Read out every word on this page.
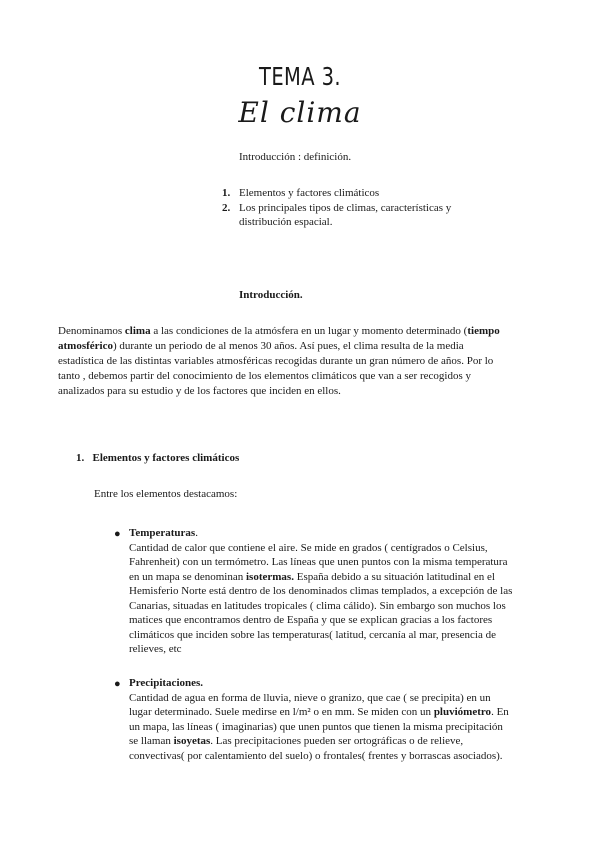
TEMA 3.
El clima
Introducción : definición.
1. Elementos y factores climáticos
2. Los principales tipos de climas, características y distribución espacial.
Introducción.
Denominamos clima a las condiciones de la atmósfera en un lugar y momento determinado (tiempo atmosférico) durante un periodo de al menos 30 años. Así pues, el clima resulta de la media estadística de las distintas variables atmosféricas recogidas durante un gran número de años. Por lo tanto , debemos partir del conocimiento de los elementos climáticos que van a ser recogidos y analizados para su estudio y de los factores que inciden en ellos.
1. Elementos y factores climáticos
Entre los elementos destacamos:
● Temperaturas.
Cantidad de calor que contiene el aire. Se mide en grados ( centígrados o Celsius, Fahrenheit) con un termómetro. Las líneas que unen puntos con la misma temperatura en un mapa se denominan isotermas. España debido a su situación latitudinal en el Hemisferio Norte está dentro de los denominados climas templados, a excepción de las Canarias, situadas en latitudes tropicales ( clima cálido). Sin embargo son muchos los matices que encontramos dentro de España y que se explican gracias a los factores climáticos que inciden sobre las temperaturas( latitud, cercanía al mar, presencia de relieves, etc
● Precipitaciones.
Cantidad de agua en forma de lluvia, nieve o granizo, que cae ( se precipita) en un lugar determinado. Suele medirse en l/m² o en mm. Se miden con un pluviómetro. En un mapa, las líneas ( imaginarias) que unen puntos que tienen la misma precipitación se llaman isoyetas. Las precipitaciones pueden ser ortográficas o de relieve, convectivas( por calentamiento del suelo) o frontales( frentes y borrascas asociados).
